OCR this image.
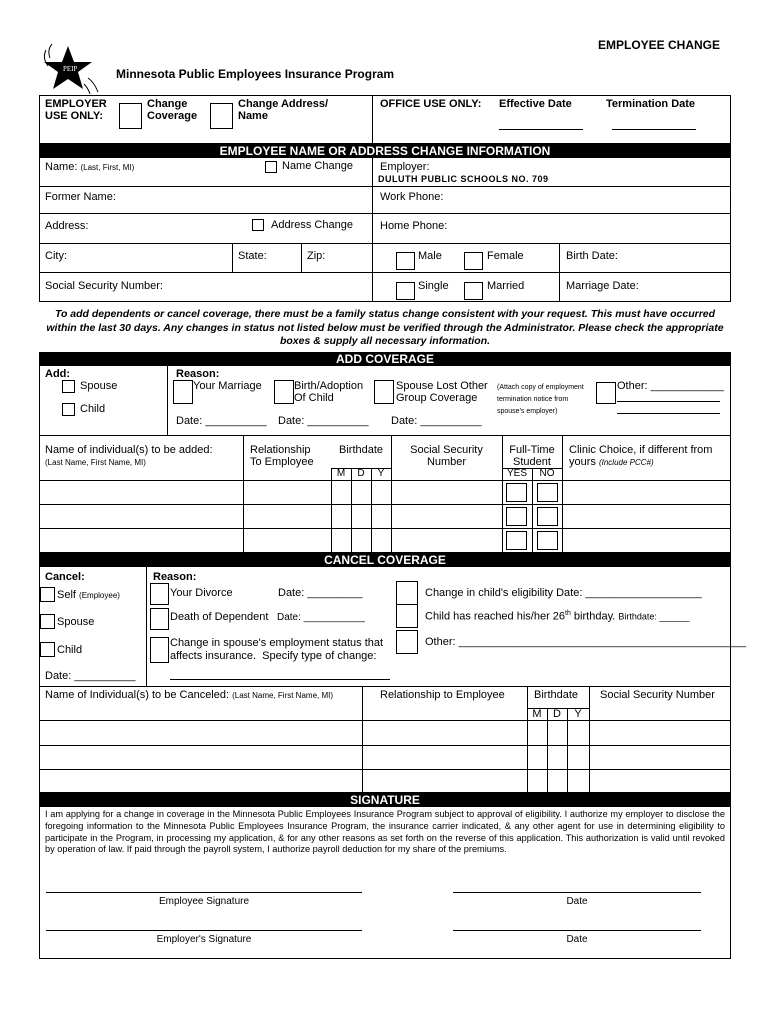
EMPLOYEE CHANGE
PEIP	Minnesota Public Employees Insurance Program
EMPLOYER
USE ONLY:
Change
Coverage
Change Address/
Name
OFFICE USE ONLY: Effective Date	Termination Date
EMPLOYEE NAME OR ADDRESS CHANGE INFORMATION
Name: (Last, First, MI)	Name Change Employer:
DULUTH PUBLIC SCHOOLS NO. 709
Former Name:	Work Phone:
Address:	Address Change Home Phone:
City:	State:	Zip:	Male	Female	Birth Date:
Social Security Number:	Single	Married	Marriage Date:
To add dependents or cancel coverage, there must be a family status change consistent with your request. This must have occurred within the last 30 days. Any changes in status not listed below must be verified through the Administrator. Please check the appropriate boxes & supply all necessary information.
ADD COVERAGE
Add:
Spouse
Child
Reason:
Your Marriage	Birth/Adoption
Of Child
Spouse Lost Other
Group Coverage
(Attach copy of employment termination notice from spouse's employer)
Other: ____________
Date: __________ Date: __________ Date: __________
Name of individual(s) to be added:
(Last Name, First Name, MI)
Relationship
To Employee
Birthdate
M	D	Y
Social Security
Number
Full-Time
Student
YES	NO
Clinic Choice, if different from yours (Include PCC#)
CANCEL COVERAGE
Cancel:
Self (Employee)
Spouse
Child
Date: __________
Reason:
Your Divorce	Date: _________
Death of Dependent Date: ___________
Change in spouse's employment status that
affects insurance.  Specify type of change:
Change in child's eligibility Date: ___________________
Child has reached his/her 26th birthday. Birthdate: ______
Other: _______________________________________________
Name of Individual(s) to be Canceled: (Last Name, First Name, MI)	Relationship to Employee	Birthdate
M	D	Y
Social Security Number
SIGNATURE
I am applying for a change in coverage in the Minnesota Public Employees Insurance Program subject to approval of eligibility. I authorize my employer to disclose the foregoing information to the Minnesota Public Employees Insurance Program, the insurance carrier indicated, & any other agent for use in determining eligibility to participate in the Program, in processing my application, & for any other reasons as set forth on the reverse of this application. This authorization is valid until revoked by operation of law. If paid through the payroll system, I authorize payroll deduction for my share of the premiums.
Employee Signature	Date
Employer's Signature	Date
